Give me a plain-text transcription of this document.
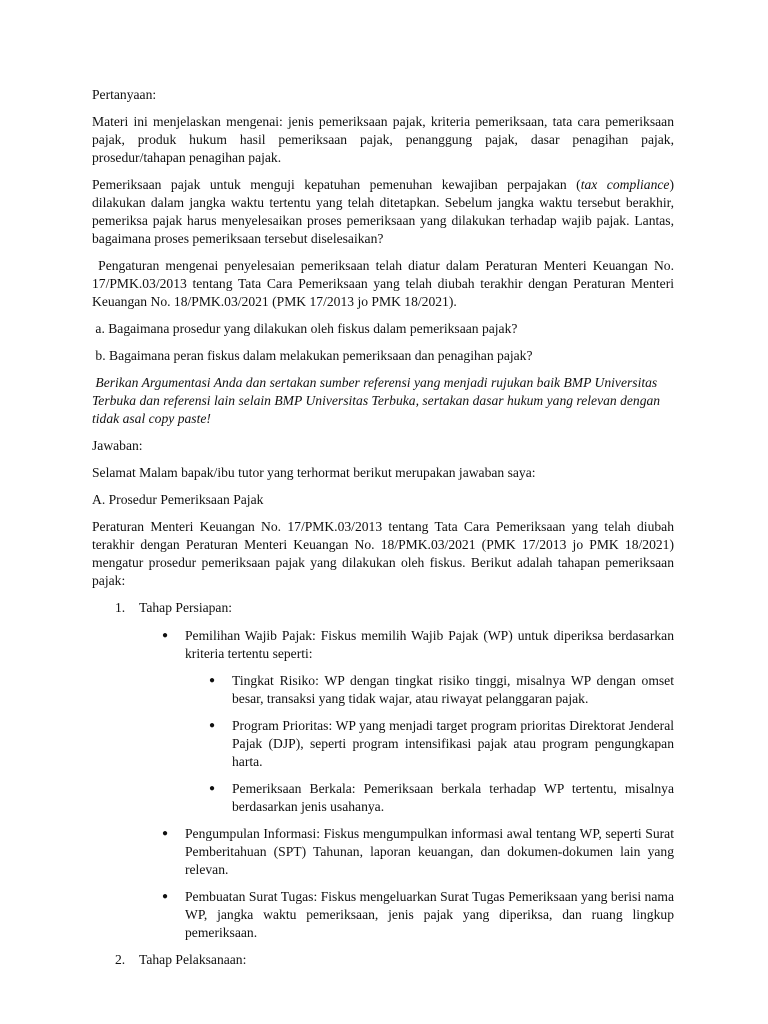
Pertanyaan:

Materi ini menjelaskan mengenai: jenis pemeriksaan pajak, kriteria pemeriksaan, tata cara pemeriksaan pajak, produk hukum hasil pemeriksaan pajak, penanggung pajak, dasar penagihan pajak, prosedur/tahapan penagihan pajak.

Pemeriksaan pajak untuk menguji kepatuhan pemenuhan kewajiban perpajakan (tax compliance) dilakukan dalam jangka waktu tertentu yang telah ditetapkan. Sebelum jangka waktu tersebut berakhir, pemeriksa pajak harus menyelesaikan proses pemeriksaan yang dilakukan terhadap wajib pajak. Lantas, bagaimana proses pemeriksaan tersebut diselesaikan?

Pengaturan mengenai penyelesaian pemeriksaan telah diatur dalam Peraturan Menteri Keuangan No. 17/PMK.03/2013 tentang Tata Cara Pemeriksaan yang telah diubah terakhir dengan Peraturan Menteri Keuangan No. 18/PMK.03/2021 (PMK 17/2013 jo PMK 18/2021).

a. Bagaimana prosedur yang dilakukan oleh fiskus dalam pemeriksaan pajak?

b. Bagaimana peran fiskus dalam melakukan pemeriksaan dan penagihan pajak?

Berikan Argumentasi Anda dan sertakan sumber referensi yang menjadi rujukan baik BMP Universitas Terbuka dan referensi lain selain BMP Universitas Terbuka, sertakan dasar hukum yang relevan dengan tidak asal copy paste!

Jawaban:

Selamat Malam bapak/ibu tutor yang terhormat berikut merupakan jawaban saya:

A. Prosedur Pemeriksaan Pajak

Peraturan Menteri Keuangan No. 17/PMK.03/2013 tentang Tata Cara Pemeriksaan yang telah diubah terakhir dengan Peraturan Menteri Keuangan No. 18/PMK.03/2021 (PMK 17/2013 jo PMK 18/2021) mengatur prosedur pemeriksaan pajak yang dilakukan oleh fiskus. Berikut adalah tahapan pemeriksaan pajak:

1. Tahap Persiapan:
● Pemilihan Wajib Pajak: Fiskus memilih Wajib Pajak (WP) untuk diperiksa berdasarkan kriteria tertentu seperti:
● Tingkat Risiko: WP dengan tingkat risiko tinggi, misalnya WP dengan omset besar, transaksi yang tidak wajar, atau riwayat pelanggaran pajak.
● Program Prioritas: WP yang menjadi target program prioritas Direktorat Jenderal Pajak (DJP), seperti program intensifikasi pajak atau program pengungkapan harta.
● Pemeriksaan Berkala: Pemeriksaan berkala terhadap WP tertentu, misalnya berdasarkan jenis usahanya.
● Pengumpulan Informasi: Fiskus mengumpulkan informasi awal tentang WP, seperti Surat Pemberitahuan (SPT) Tahunan, laporan keuangan, dan dokumen-dokumen lain yang relevan.
● Pembuatan Surat Tugas: Fiskus mengeluarkan Surat Tugas Pemeriksaan yang berisi nama WP, jangka waktu pemeriksaan, jenis pajak yang diperiksa, dan ruang lingkup pemeriksaan.
2. Tahap Pelaksanaan:
